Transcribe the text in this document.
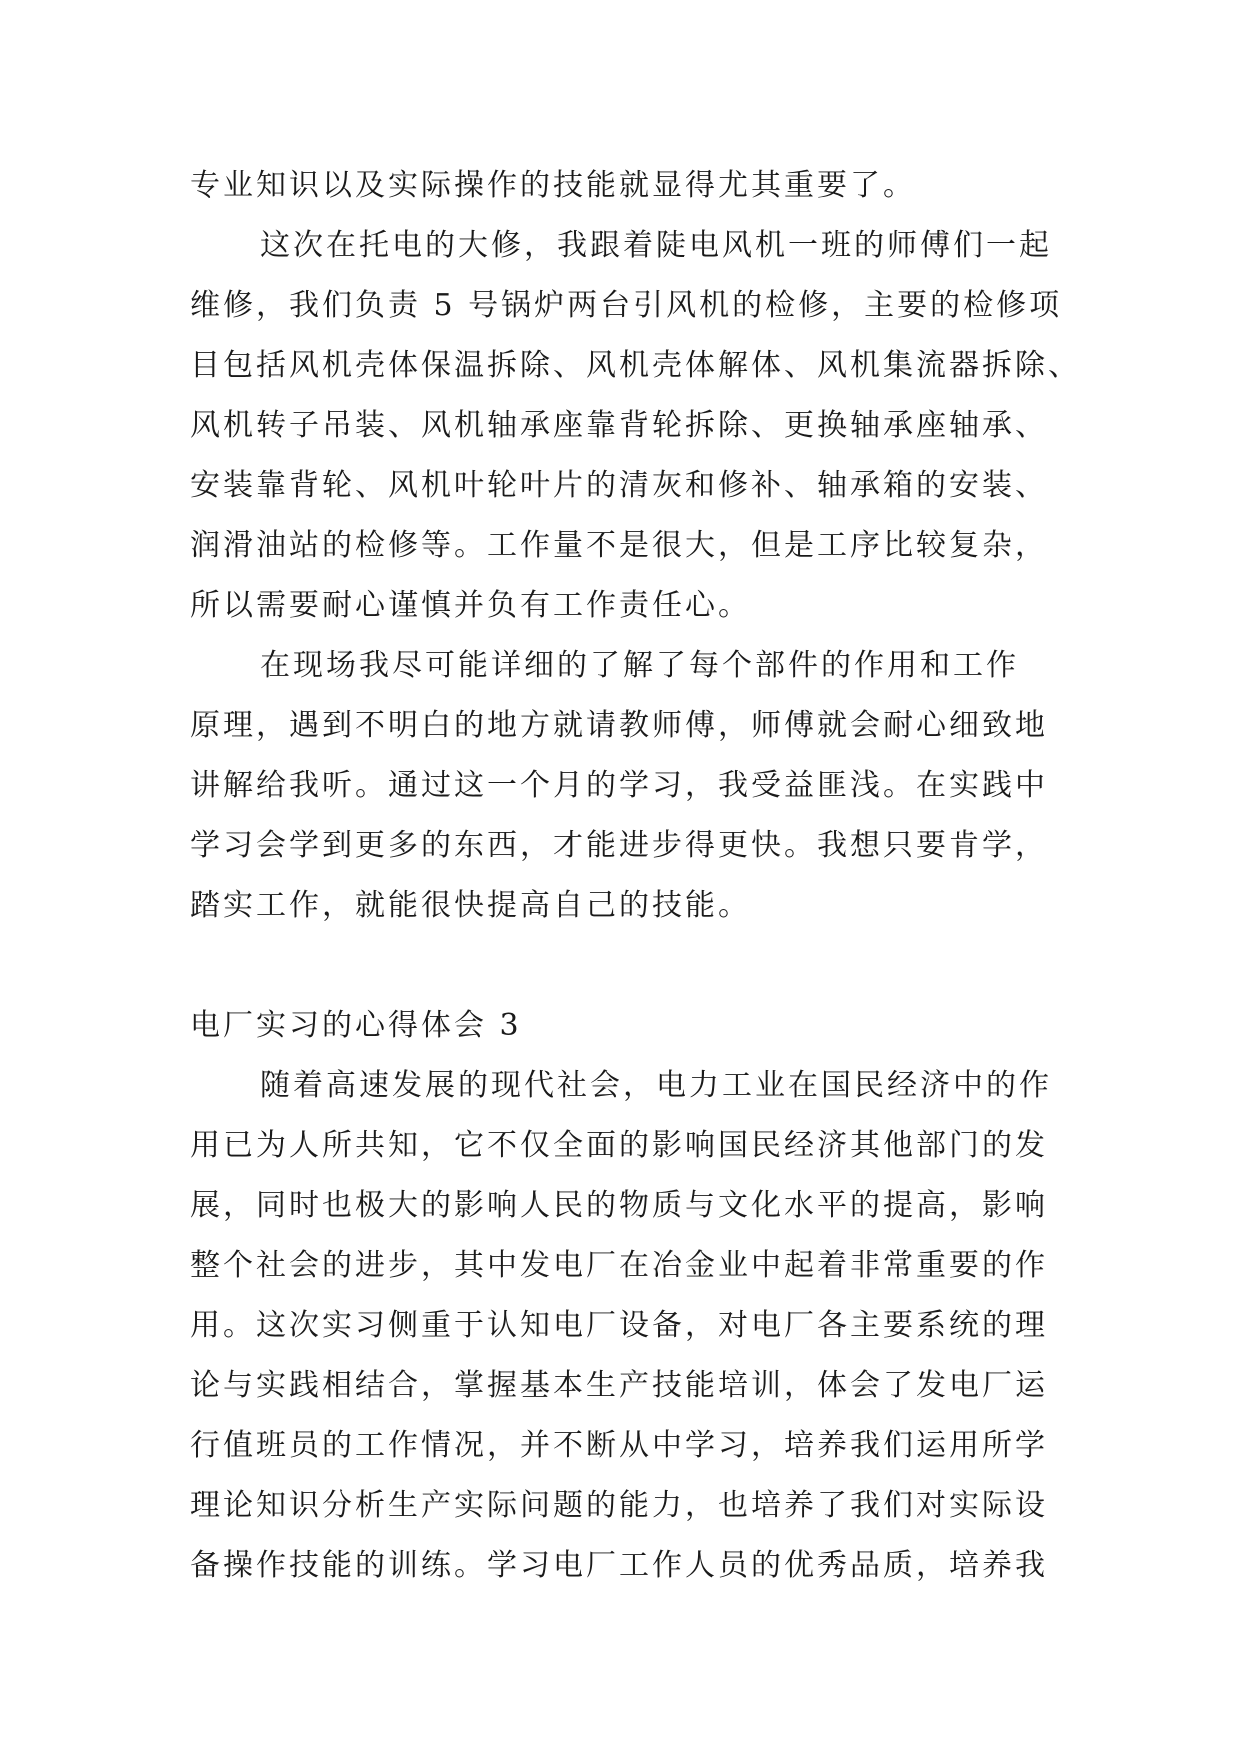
专业知识以及实际操作的技能就显得尤其重要了。
这次在托电的大修，我跟着陡电风机一班的师傅们一起
维修，我们负责 5 号锅炉两台引风机的检修，主要的检修项
目包括风机壳体保温拆除、风机壳体解体、风机集流器拆除、
风机转子吊装、风机轴承座靠背轮拆除、更换轴承座轴承、
安装靠背轮、风机叶轮叶片的清灰和修补、轴承箱的安装、
润滑油站的检修等。工作量不是很大，但是工序比较复杂，
所以需要耐心谨慎并负有工作责任心。
在现场我尽可能详细的了解了每个部件的作用和工作
原理，遇到不明白的地方就请教师傅，师傅就会耐心细致地
讲解给我听。通过这一个月的学习，我受益匪浅。在实践中
学习会学到更多的东西，才能进步得更快。我想只要肯学，
踏实工作，就能很快提高自己的技能。
电厂实习的心得体会 3
随着高速发展的现代社会，电力工业在国民经济中的作
用已为人所共知，它不仅全面的影响国民经济其他部门的发
展，同时也极大的影响人民的物质与文化水平的提高，影响
整个社会的进步，其中发电厂在冶金业中起着非常重要的作
用。这次实习侧重于认知电厂设备，对电厂各主要系统的理
论与实践相结合，掌握基本生产技能培训，体会了发电厂运
行值班员的工作情况，并不断从中学习，培养我们运用所学
理论知识分析生产实际问题的能力，也培养了我们对实际设
备操作技能的训练。学习电厂工作人员的优秀品质，培养我
